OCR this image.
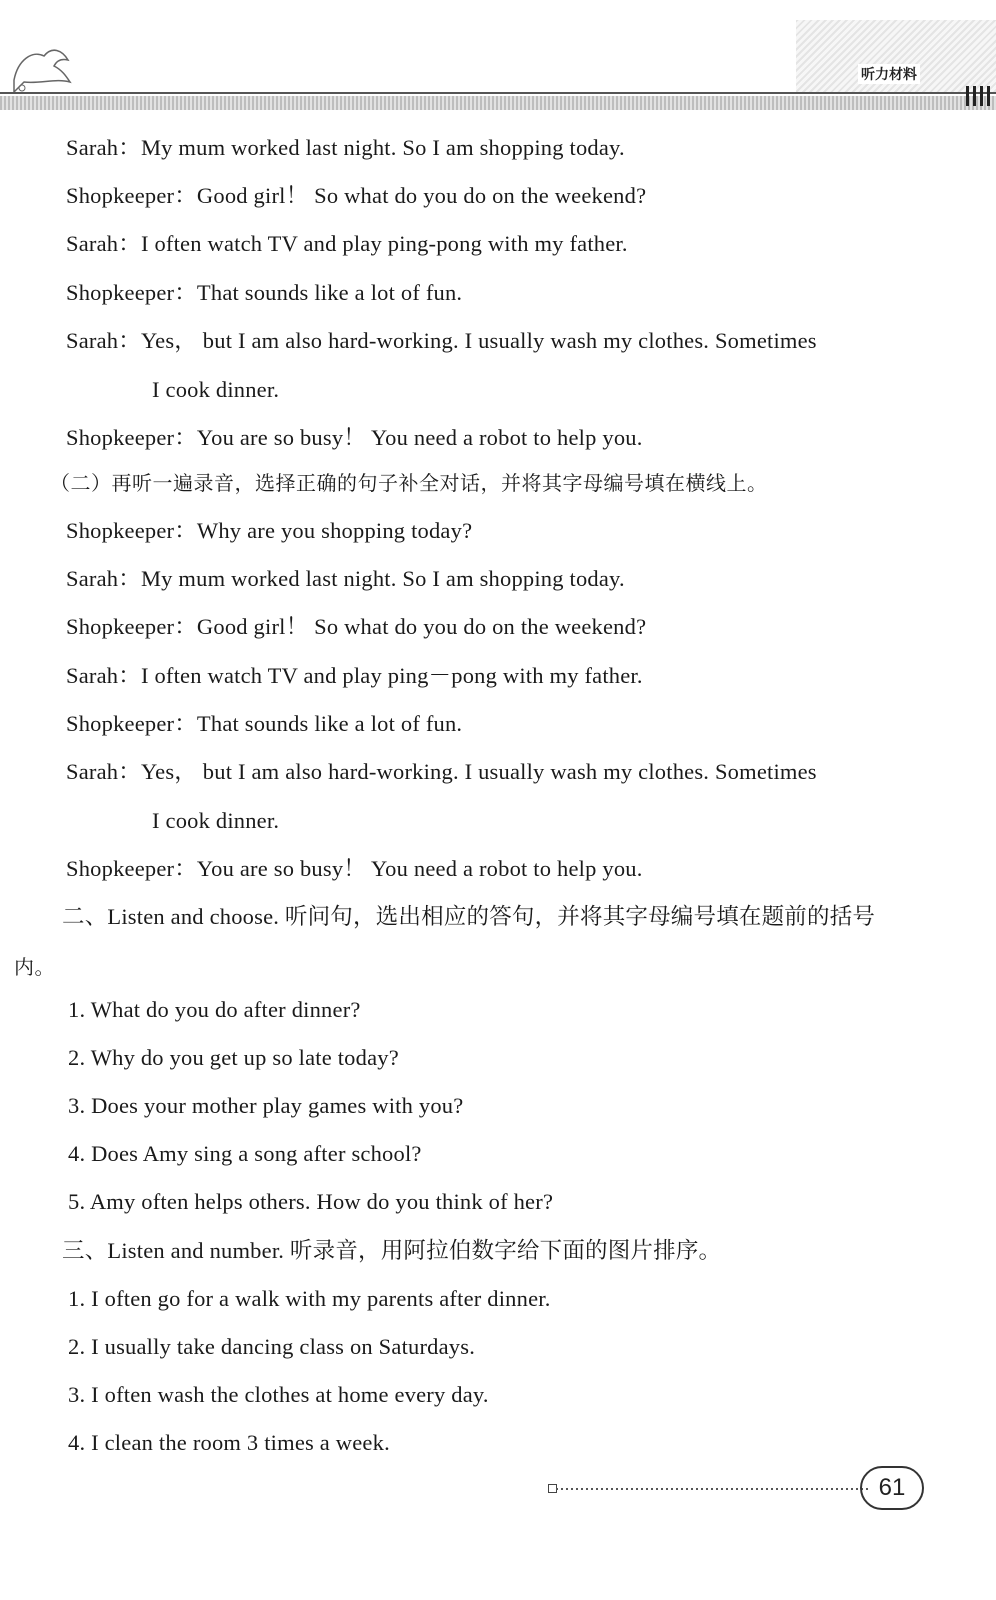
听力材料
Sarah：My mum worked last night. So I am shopping today.
Shopkeeper：Good girl！ So what do you do on the weekend?
Sarah：I often watch TV and play ping-pong with my father.
Shopkeeper：That sounds like a lot of fun.
Sarah：Yes， but I am also hard-working. I usually wash my clothes. Sometimes
I cook dinner.
Shopkeeper：You are so busy！ You need a robot to help you.
（二）再听一遍录音，选择正确的句子补全对话，并将其字母编号填在横线上。
Shopkeeper：Why are you shopping today?
Sarah：My mum worked last night. So I am shopping today.
Shopkeeper：Good girl！ So what do you do on the weekend?
Sarah：I often watch TV and play ping－pong with my father.
Shopkeeper：That sounds like a lot of fun.
Sarah：Yes， but I am also hard-working. I usually wash my clothes. Sometimes
I cook dinner.
Shopkeeper：You are so busy！ You need a robot to help you.
二、Listen and choose. 听问句，选出相应的答句，并将其字母编号填在题前的括号
内。
1. What do you do after dinner?
2. Why do you get up so late today?
3. Does your mother play games with you?
4. Does Amy sing a song after school?
5. Amy often helps others. How do you think of her?
三、Listen and number. 听录音，用阿拉伯数字给下面的图片排序。
1. I often go for a walk with my parents after dinner.
2. I usually take dancing class on Saturdays.
3. I often wash the clothes at home every day.
4. I clean the room 3 times a week.
61
